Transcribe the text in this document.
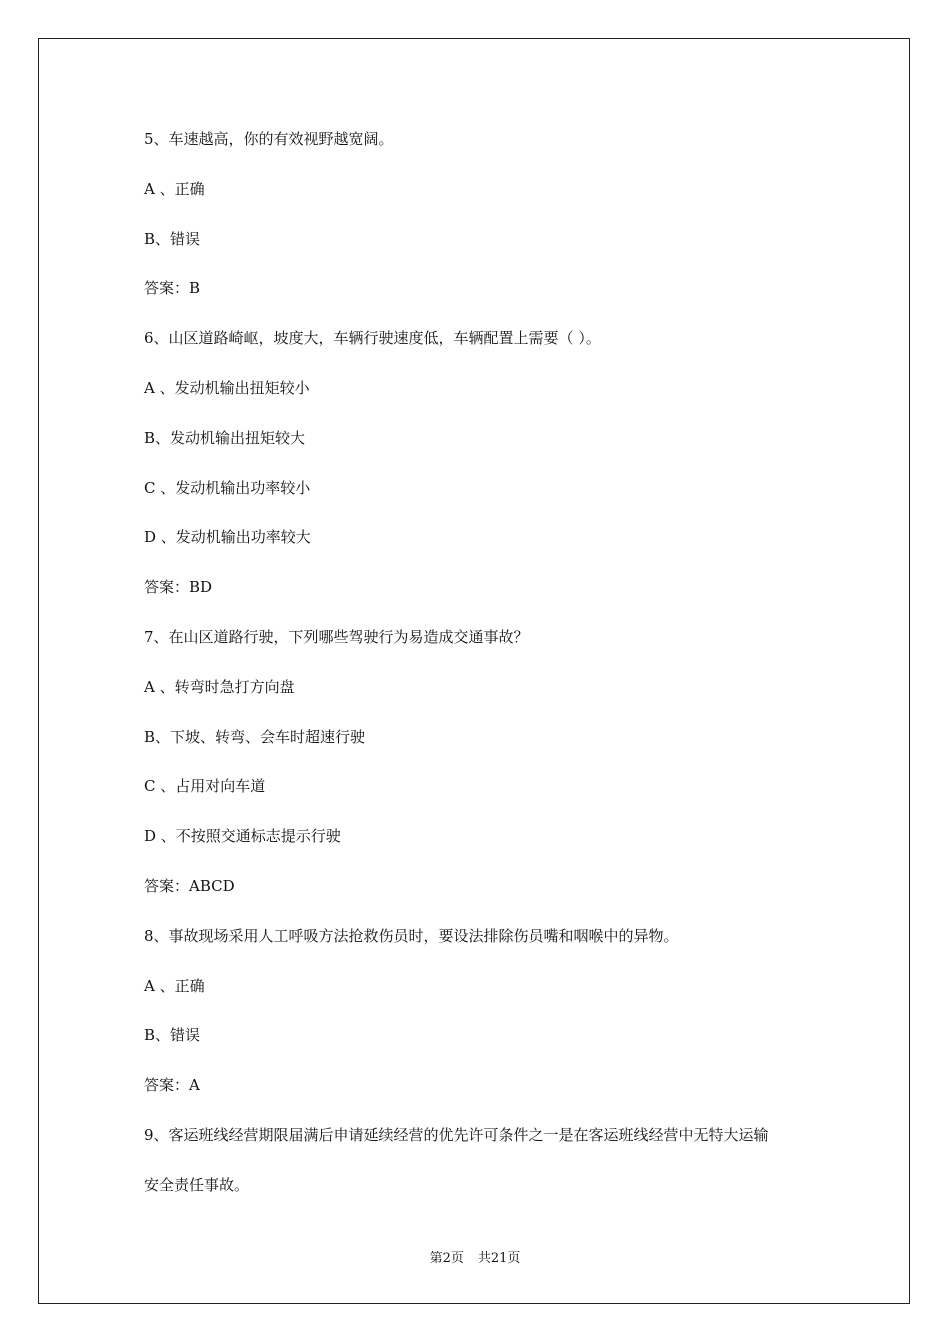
5、车速越高，你的有效视野越宽阔。
A 、正确
B、错误
答案：B
6、山区道路崎岖，坡度大，车辆行驶速度低，车辆配置上需要（ ）。
A 、发动机输出扭矩较小
B、发动机输出扭矩较大
C 、发动机输出功率较小
D 、发动机输出功率较大
答案：BD
7、在山区道路行驶，下列哪些驾驶行为易造成交通事故？
A 、转弯时急打方向盘
B、下坡、转弯、会车时超速行驶
C 、占用对向车道
D 、不按照交通标志提示行驶
答案：ABCD
8、事故现场采用人工呼吸方法抢救伤员时，要设法排除伤员嘴和咽喉中的异物。
A 、正确
B、错误
答案：A
9、客运班线经营期限届满后申请延续经营的优先许可条件之一是在客运班线经营中无特大运输
安全责任事故。
第2页 共21页
